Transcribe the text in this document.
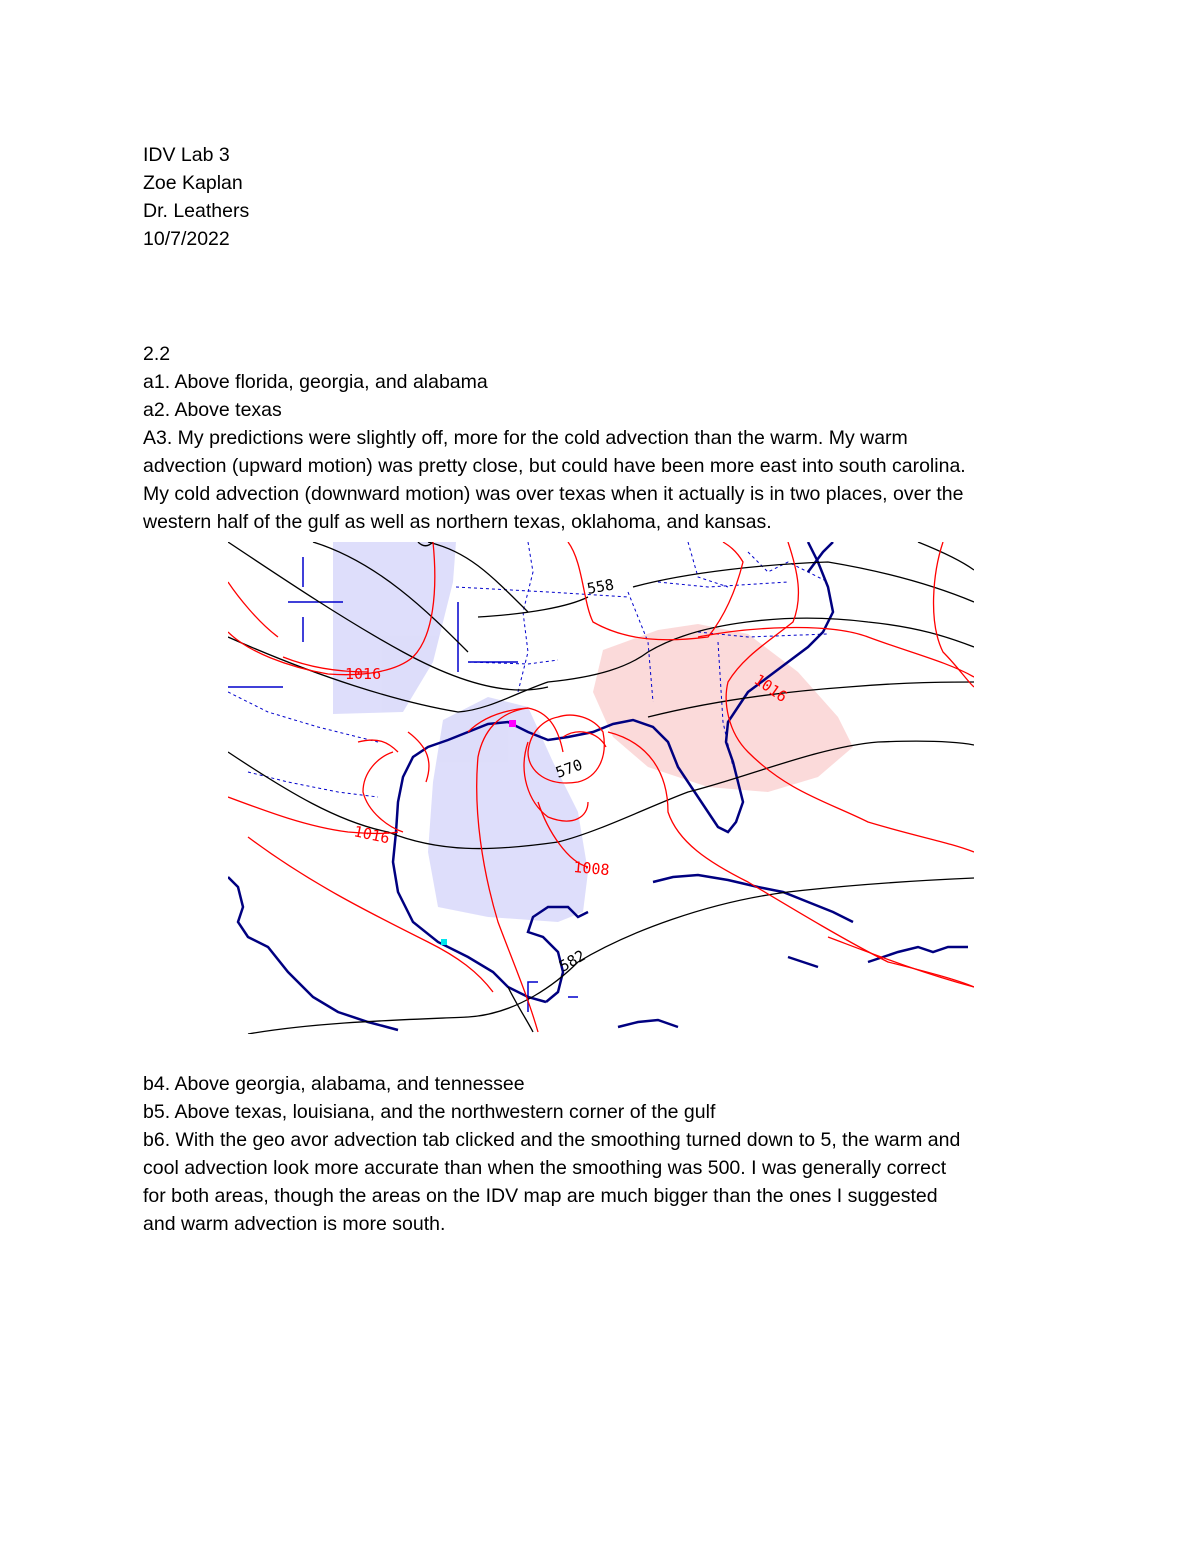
IDV Lab 3
Zoe Kaplan
Dr. Leathers
10/7/2022
2.2
a1. Above florida, georgia, and alabama
a2. Above texas
A3. My predictions were slightly off, more for the cold advection than the warm. My warm
advection (upward motion) was pretty close, but could have been more east into south carolina.
My cold advection (downward motion) was over texas when it actually is in two places, over the
western half of the gulf as well as northern texas, oklahoma, and kansas.
558
570
582
1016	1016
1016
1008
b4. Above georgia, alabama, and tennessee
b5. Above texas, louisiana, and the northwestern corner of the gulf
b6. With the geo avor advection tab clicked and the smoothing turned down to 5, the warm and
cool advection look more accurate than when the smoothing was 500. I was generally correct
for both areas, though the areas on the IDV map are much bigger than the ones I suggested
and warm advection is more south.
